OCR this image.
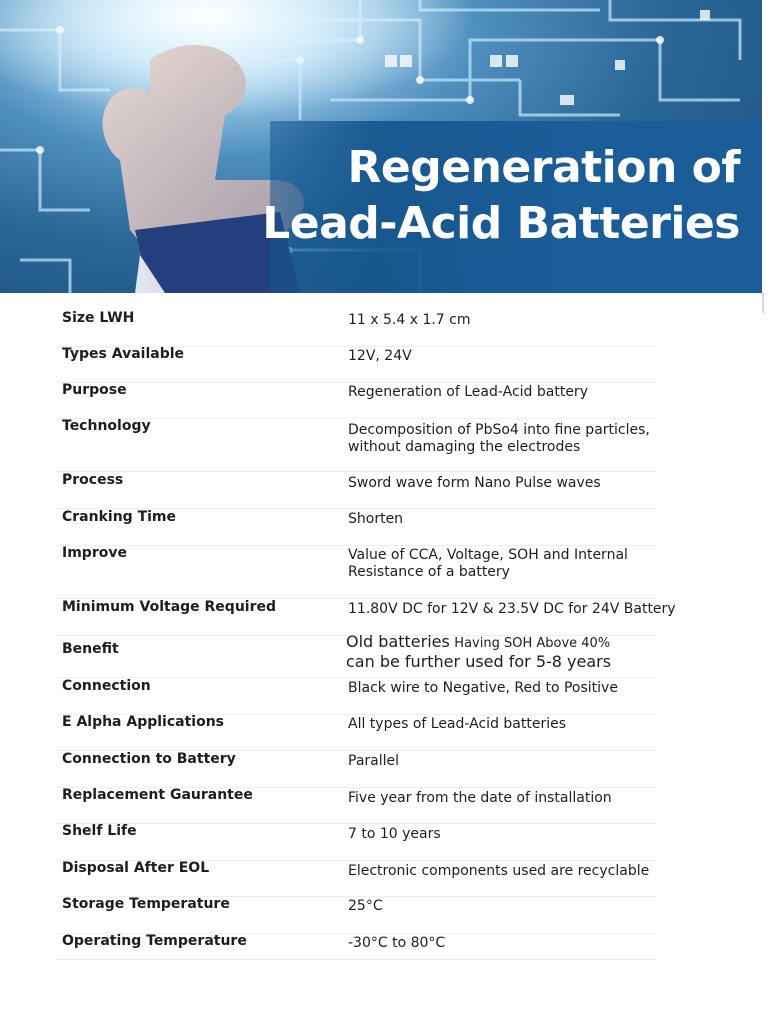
Regeneration of
Lead-Acid Batteries
Size LWH	11 x 5.4 x 1.7 cm
Types Available	12V, 24V
Purpose	Regeneration of Lead-Acid battery
Technology	Decomposition of PbSo4 into fine particles,
without damaging the electrodes
Process	Sword wave form Nano Pulse waves
Cranking Time	Shorten
Improve	Value of CCA, Voltage, SOH and Internal
Resistance of a battery
Minimum Voltage Required	11.80V DC for 12V & 23.5V DC for 24V Battery
Benefit	Old batteries Having SOH Above 40%
can be further used for 5-8 years
Connection	Black wire to Negative, Red to Positive
E Alpha Applications	All types of Lead-Acid batteries
Connection to Battery	Parallel
Replacement Gaurantee	Five year from the date of installation
Shelf Life	7 to 10 years
Disposal After EOL	Electronic components used are recyclable
Storage Temperature	25°C
Operating Temperature	-30°C to 80°C
